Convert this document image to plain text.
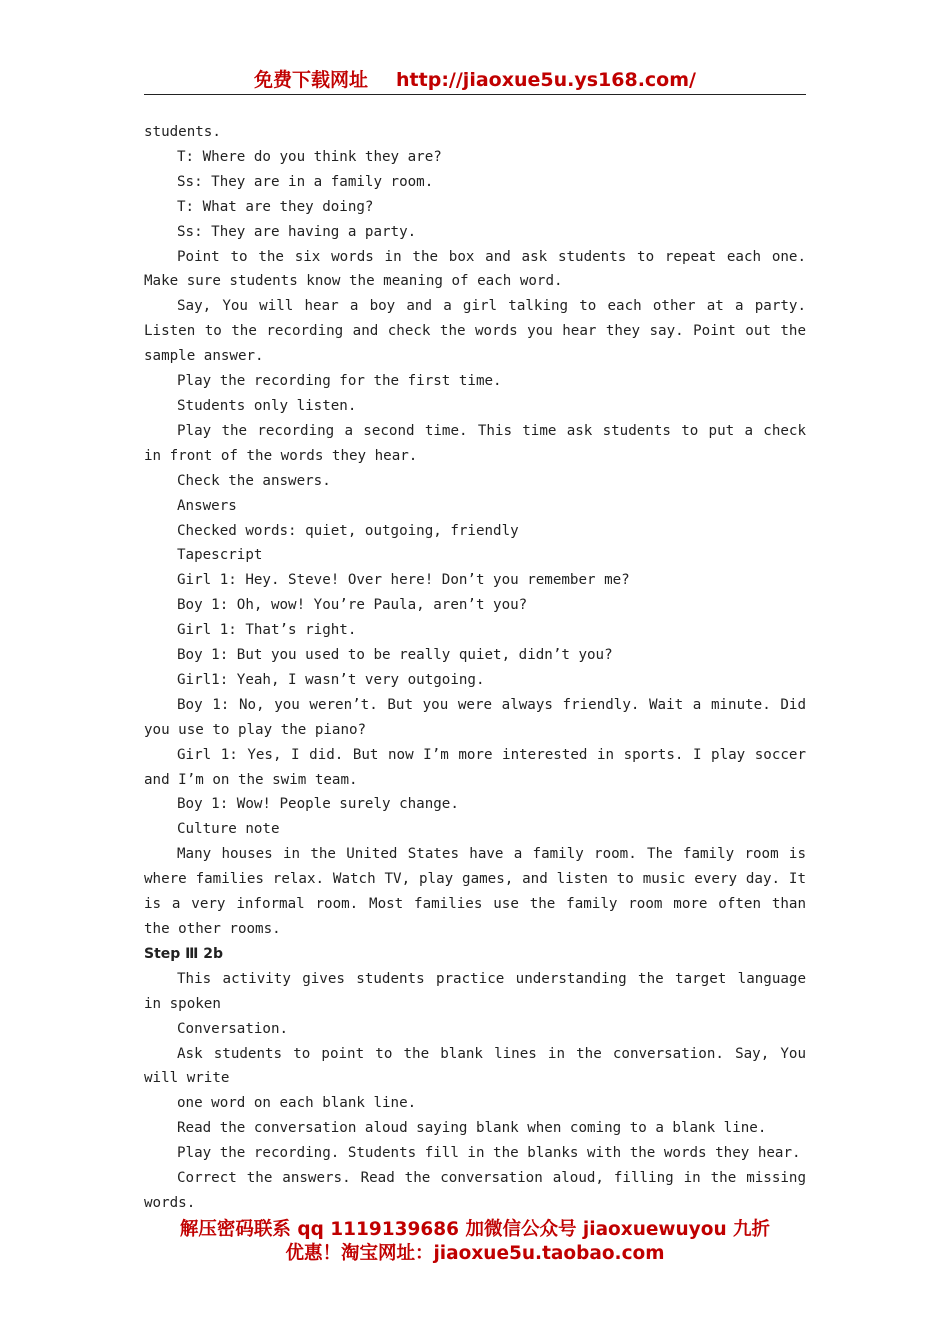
免费下载网址 http://jiaoxue5u.ys168.com/

students.

T: Where do you think they are?

Ss: They are in a family room.

T: What are they doing?

Ss: They are having a party.

Point to the six words in the box and ask students to repeat each one. Make sure students know the meaning of each word.

Say, You will hear a boy and a girl talking to each other at a party. Listen to the recording and check the words you hear they say. Point out the sample answer.

Play the recording for the first time.

Students only listen.

Play the recording a second time. This time ask students to put a check in front of the words they hear.

Check the answers.

Answers

Checked words: quiet, outgoing, friendly

Tapescript

Girl 1: Hey. Steve! Over here! Don’t you remember me?

Boy 1: Oh, wow! You’re Paula, aren’t you?

Girl 1: That’s right.

Boy 1: But you used to be really quiet, didn’t you?

Girl1: Yeah, I wasn’t very outgoing.

Boy 1: No, you weren’t. But you were always friendly. Wait a minute. Did you use to play the piano?

Girl 1: Yes, I did. But now I’m more interested in sports. I play soccer and I’m on the swim team.

Boy 1: Wow! People surely change.

Culture note

Many houses in the United States have a family room. The family room is where families relax. Watch TV, play games, and listen to music every day. It is a very informal room. Most families use the family room more often than the other rooms.

Step Ⅲ 2b

This activity gives students practice understanding the target language in spoken

Conversation.

Ask students to point to the blank lines in the conversation. Say, You will write

one word on each blank line.

Read the conversation aloud saying blank when coming to a blank line.

Play the recording. Students fill in the blanks with the words they hear.

Correct the answers. Read the conversation aloud, filling in the missing words.

解压密码联系 qq 1119139686 加微信公众号 jiaoxuewuyou 九折
优惠！淘宝网址：jiaoxue5u.taobao.com
